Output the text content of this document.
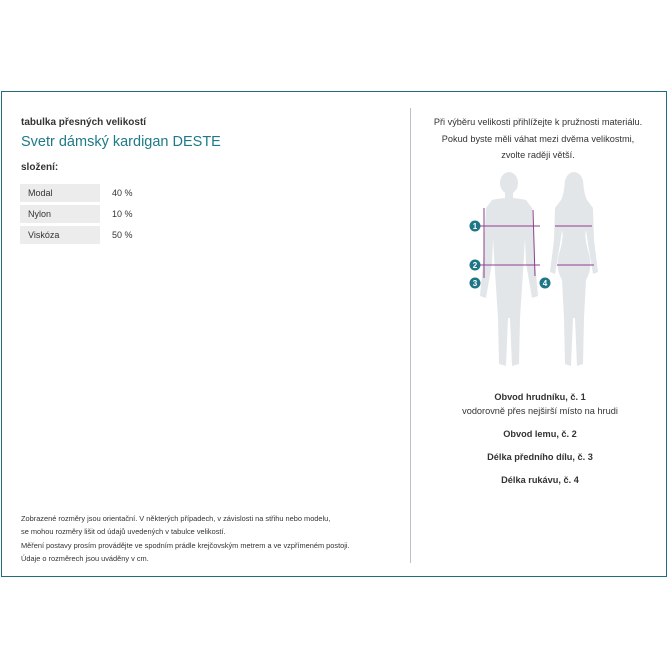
tabulka přesných velikostí

Svetr dámský kardigan DESTE

složení:

Modal	40 %
Nylon	10 %
Viskóza	50 %

Zobrazené rozměry jsou orientační. V některých případech, v závislosti na střihu nebo modelu,

se mohou rozměry lišit od údajů uvedených v tabulce velikostí.

Měření postavy prosím provádějte ve spodním prádle krejčovským metrem a ve vzpřímeném postoji.

Údaje o rozměrech jsou uváděny v cm.

Při výběru velikosti přihlížejte k pružnosti materiálu.

Pokud byste měli váhat mezi dvěma velikostmi,

zvolte raději větší.

1
2
3	4
Obvod hrudníku, č. 1
vodorovně přes nejširší místo na hrudi
Obvod lemu, č. 2
Délka předního dílu, č. 3
Délka rukávu, č. 4
